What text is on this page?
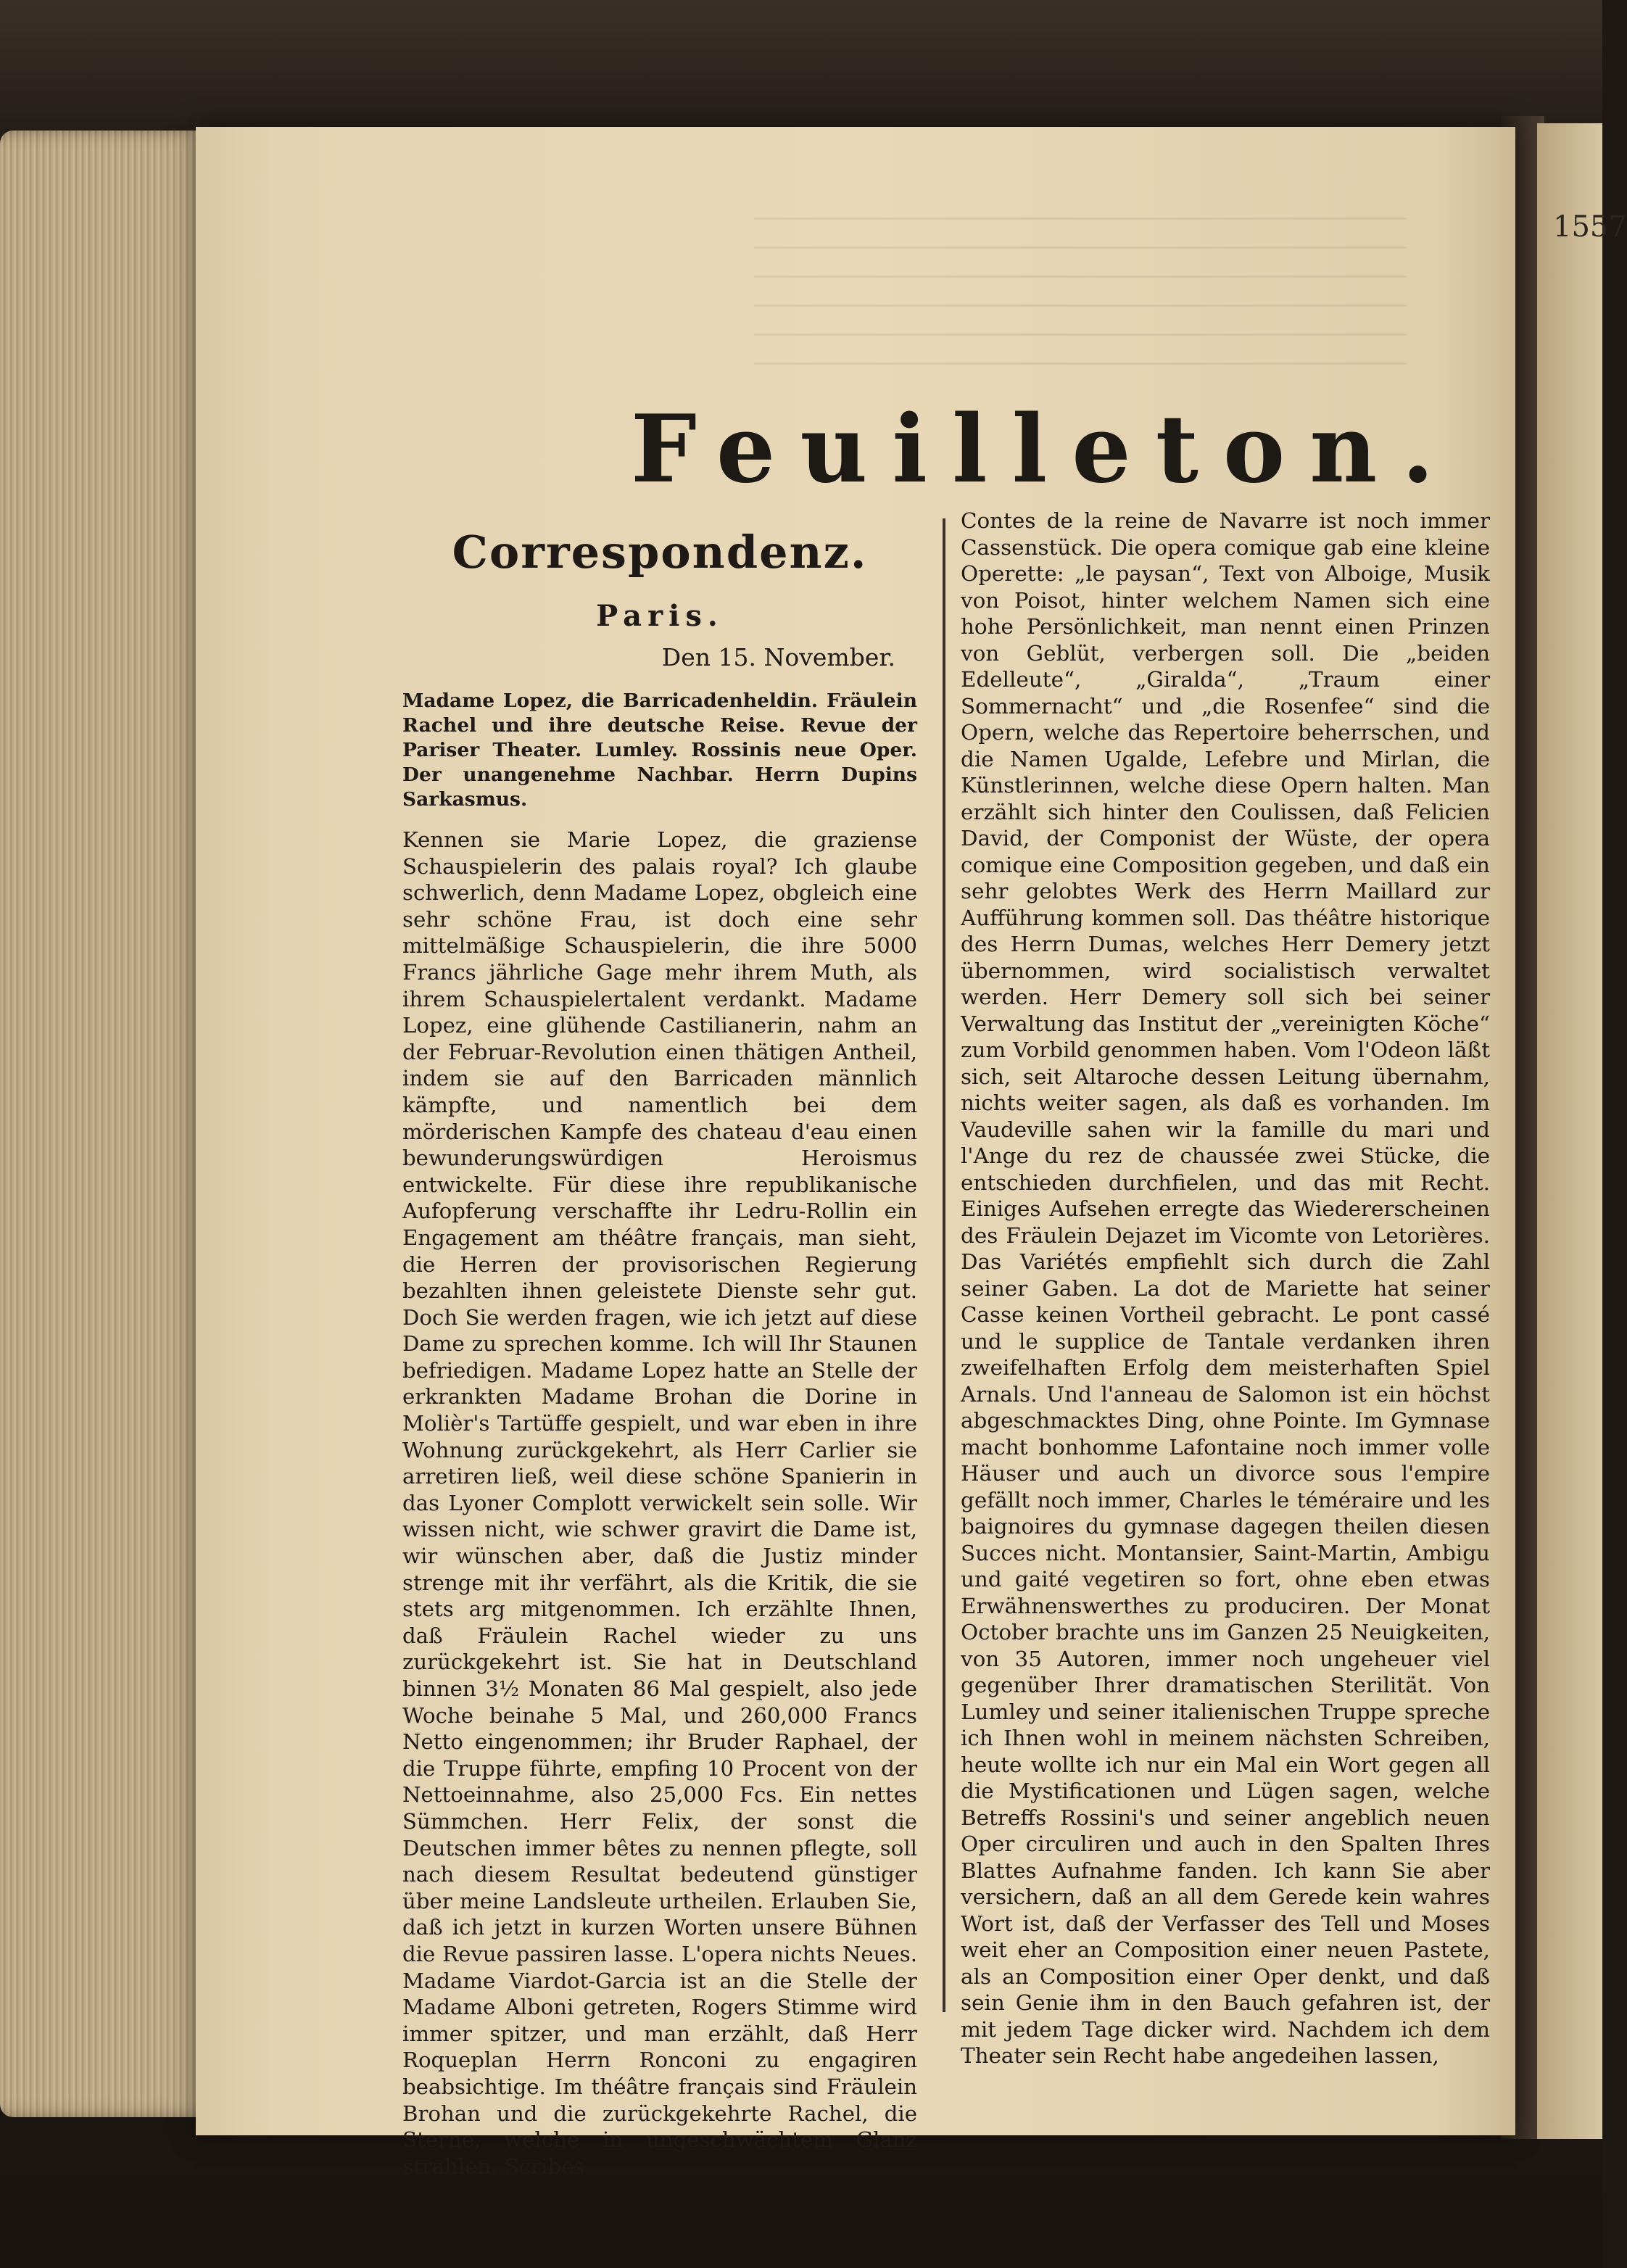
1557
Feuilleton.
Correspondenz.
Paris.
Den 15. November.

Madame Lopez, die Barricadenheldin. Fräulein Rachel und ihre deutsche Reise. Revue der Pariser Theater. Lumley. Rossinis neue Oper. Der unangenehme Nachbar. Herrn Dupins Sarkasmus.

Kennen sie Marie Lopez, die graziense Schauspielerin des palais royal? Ich glaube schwerlich, denn Madame Lopez, obgleich eine sehr schöne Frau, ist doch eine sehr mittelmäßige Schauspielerin, die ihre 5000 Francs jährliche Gage mehr ihrem Muth, als ihrem Schauspielertalent verdankt. Madame Lopez, eine glühende Castilianerin, nahm an der Februar-Revolution einen thätigen Antheil, indem sie auf den Barricaden männlich kämpfte, und namentlich bei dem mörderischen Kampfe des chateau d'eau einen bewunderungswürdigen Heroismus entwickelte. Für diese ihre republikanische Aufopferung verschaffte ihr Ledru-Rollin ein Engagement am théâtre français, man sieht, die Herren der provisorischen Regierung bezahlten ihnen geleistete Dienste sehr gut. Doch Sie werden fragen, wie ich jetzt auf diese Dame zu sprechen komme. Ich will Ihr Staunen befriedigen. Madame Lopez hatte an Stelle der erkrankten Madame Brohan die Dorine in Molièr's Tartüffe gespielt, und war eben in ihre Wohnung zurückgekehrt, als Herr Carlier sie arretiren ließ, weil diese schöne Spanierin in das Lyoner Complott verwickelt sein solle. Wir wissen nicht, wie schwer gravirt die Dame ist, wir wünschen aber, daß die Justiz minder strenge mit ihr verfährt, als die Kritik, die sie stets arg mitgenommen. Ich erzählte Ihnen, daß Fräulein Rachel wieder zu uns zurückgekehrt ist. Sie hat in Deutschland binnen 3½ Monaten 86 Mal gespielt, also jede Woche beinahe 5 Mal, und 260,000 Francs Netto eingenommen; ihr Bruder Raphael, der die Truppe führte, empfing 10 Procent von der Nettoeinnahme, also 25,000 Fcs. Ein nettes Sümmchen. Herr Felix, der sonst die Deutschen immer bêtes zu nennen pflegte, soll nach diesem Resultat bedeutend günstiger über meine Landsleute urtheilen. Erlauben Sie, daß ich jetzt in kurzen Worten unsere Bühnen die Revue passiren lasse. L'opera nichts Neues. Madame Viardot-Garcia ist an die Stelle der Madame Alboni getreten, Rogers Stimme wird immer spitzer, und man erzählt, daß Herr Roqueplan Herrn Ronconi zu engagiren beabsichtige. Im théâtre français sind Fräulein Brohan und die zurückgekehrte Rachel, die Sterne, welche in ungeschwächtem Glanz strahlen. Scribes

Contes de la reine de Navarre ist noch immer Cassenstück. Die opera comique gab eine kleine Operette: „le paysan“, Text von Alboige, Musik von Poisot, hinter welchem Namen sich eine hohe Persönlichkeit, man nennt einen Prinzen von Geblüt, verbergen soll. Die „beiden Edelleute“, „Giralda“, „Traum einer Sommernacht“ und „die Rosenfee“ sind die Opern, welche das Repertoire beherrschen, und die Namen Ugalde, Lefebre und Mirlan, die Künstlerinnen, welche diese Opern halten. Man erzählt sich hinter den Coulissen, daß Felicien David, der Componist der Wüste, der opera comique eine Composition gegeben, und daß ein sehr gelobtes Werk des Herrn Maillard zur Aufführung kommen soll. Das théâtre historique des Herrn Dumas, welches Herr Demery jetzt übernommen, wird socialistisch verwaltet werden. Herr Demery soll sich bei seiner Verwaltung das Institut der „vereinigten Köche“ zum Vorbild genommen haben. Vom l'Odeon läßt sich, seit Altaroche dessen Leitung übernahm, nichts weiter sagen, als daß es vorhanden. Im Vaudeville sahen wir la famille du mari und l'Ange du rez de chaussée zwei Stücke, die entschieden durchfielen, und das mit Recht. Einiges Aufsehen erregte das Wiedererscheinen des Fräulein Dejazet im Vicomte von Letorières. Das Variétés empfiehlt sich durch die Zahl seiner Gaben. La dot de Mariette hat seiner Casse keinen Vortheil gebracht. Le pont cassé und le supplice de Tantale verdanken ihren zweifelhaften Erfolg dem meisterhaften Spiel Arnals. Und l'anneau de Salomon ist ein höchst abgeschmacktes Ding, ohne Pointe. Im Gymnase macht bonhomme Lafontaine noch immer volle Häuser und auch un divorce sous l'empire gefällt noch immer, Charles le téméraire und les baignoires du gymnase dagegen theilen diesen Succes nicht. Montansier, Saint-Martin, Ambigu und gaité vegetiren so fort, ohne eben etwas Erwähnenswerthes zu produciren. Der Monat October brachte uns im Ganzen 25 Neuigkeiten, von 35 Autoren, immer noch ungeheuer viel gegenüber Ihrer dramatischen Sterilität. Von Lumley und seiner italienischen Truppe spreche ich Ihnen wohl in meinem nächsten Schreiben, heute wollte ich nur ein Mal ein Wort gegen all die Mystificationen und Lügen sagen, welche Betreffs Rossini's und seiner angeblich neuen Oper circuliren und auch in den Spalten Ihres Blattes Aufnahme fanden. Ich kann Sie aber versichern, daß an all dem Gerede kein wahres Wort ist, daß der Verfasser des Tell und Moses weit eher an Composition einer neuen Pastete, als an Composition einer Oper denkt, und daß sein Genie ihm in den Bauch gefahren ist, der mit jedem Tage dicker wird. Nachdem ich dem Theater sein Recht habe angedeihen lassen,
